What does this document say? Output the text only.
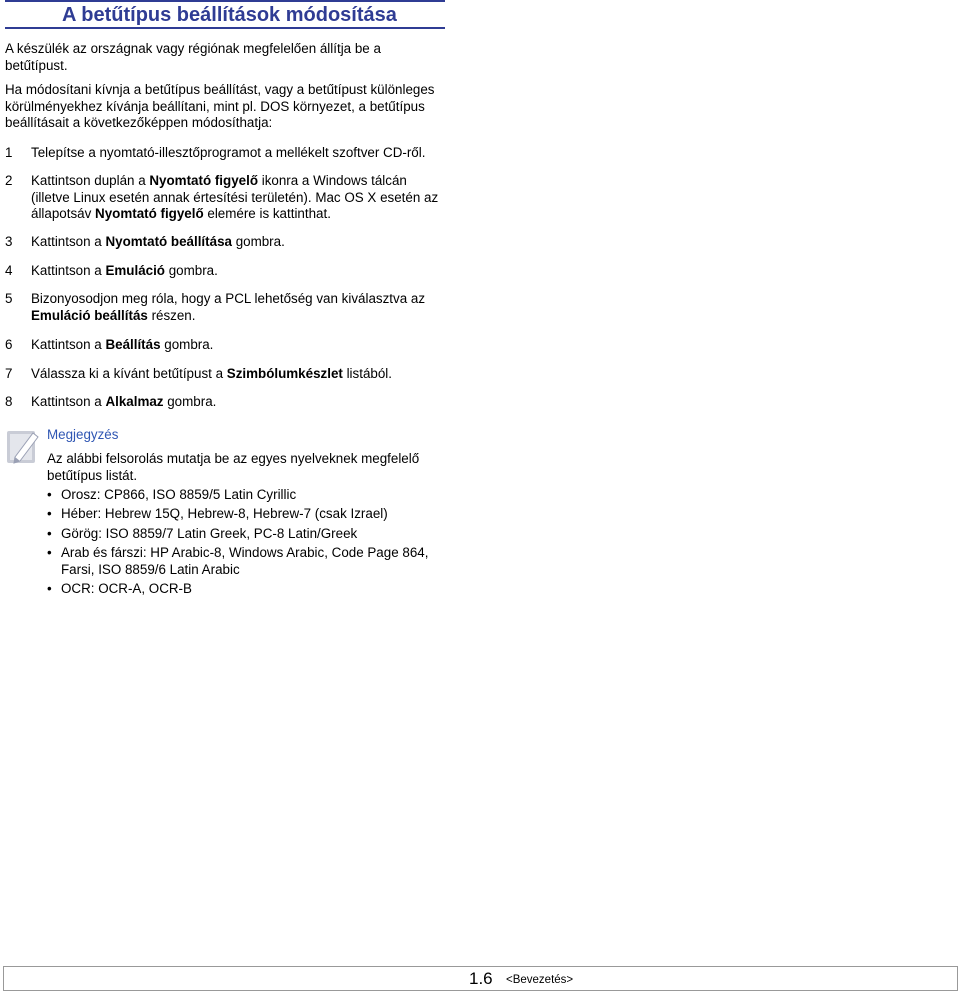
A betűtípus beállítások módosítása
A készülék az országnak vagy régiónak megfelelően állítja be a betűtípust.
Ha módosítani kívnja a betűtípus beállítást, vagy a betűtípust különleges körülményekhez kívánja beállítani, mint pl. DOS környezet, a betűtípus beállításait a következőképpen módosíthatja:
1 Telepítse a nyomtató-illesztőprogramot a mellékelt szoftver CD-ről.
2 Kattintson duplán a Nyomtató figyelő ikonra a Windows tálcán (illetve Linux esetén annak értesítési területén). Mac OS X esetén az állapotsáv Nyomtató figyelő elemére is kattinthat.
3 Kattintson a Nyomtató beállítása gombra.
4 Kattintson a Emuláció gombra.
5 Bizonyosodjon meg róla, hogy a PCL lehetőség van kiválasztva az Emuláció beállítás részen.
6 Kattintson a Beállítás gombra.
7 Válassza ki a kívánt betűtípust a Szimbólumkészlet listából.
8 Kattintson a Alkalmaz gombra.
Megjegyzés
Az alábbi felsorolás mutatja be az egyes nyelveknek megfelelő betűtípus listát.
• Orosz: CP866, ISO 8859/5 Latin Cyrillic
• Héber: Hebrew 15Q, Hebrew-8, Hebrew-7 (csak Izrael)
• Görög: ISO 8859/7 Latin Greek, PC-8 Latin/Greek
• Arab és fárszi: HP Arabic-8, Windows Arabic, Code Page 864, Farsi, ISO 8859/6 Latin Arabic
• OCR: OCR-A, OCR-B
1.6 <Bevezetés>
